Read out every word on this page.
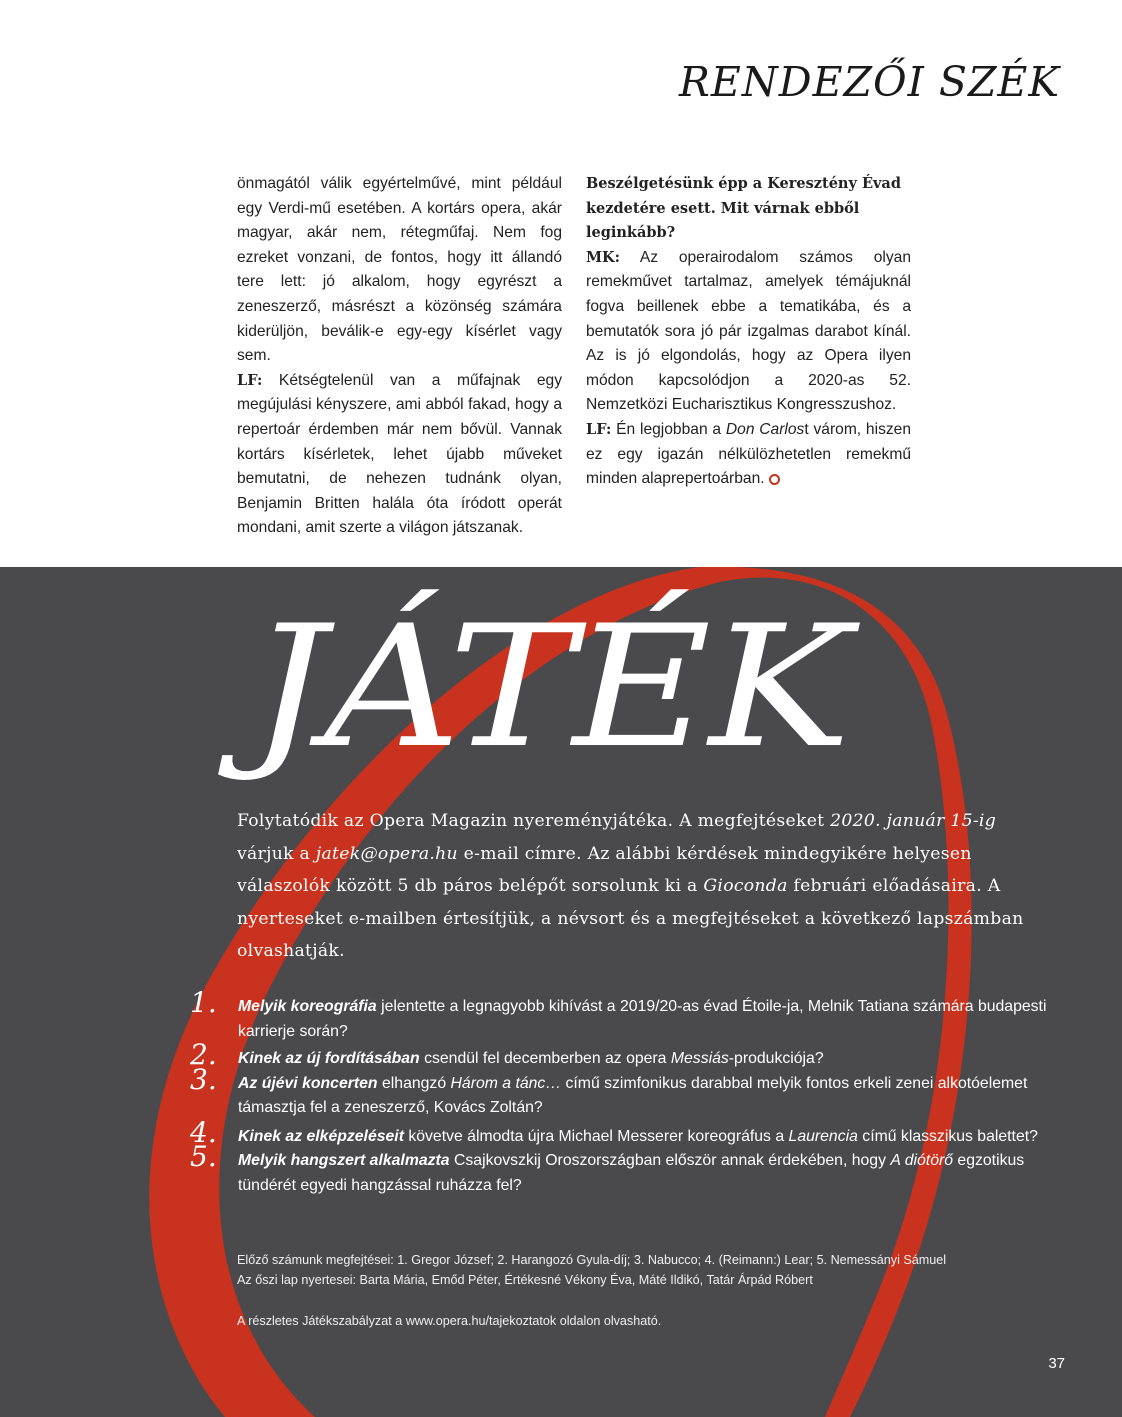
RENDEZŐI SZÉK

önmagától válik egyértelművé, mint például egy Verdi-mű esetében. A kortárs opera, akár magyar, akár nem, rétegműfaj. Nem fog ezreket vonzani, de fontos, hogy itt állandó tere lett: jó alkalom, hogy egyrészt a zeneszerző, másrészt a közönség számára kiderüljön, beválik-e egy-egy kísérlet vagy sem.

LF: Kétségtelenül van a műfajnak egy megújulási kényszere, ami abból fakad, hogy a repertoár érdemben már nem bővül. Vannak kortárs kísérletek, lehet újabb műveket bemutatni, de nehezen tudnánk olyan, Benjamin Britten halála óta íródott operát mondani, amit szerte a világon játszanak.

Beszélgetésünk épp a Keresztény Évad kezdetére esett. Mit várnak ebből leginkább?

MK: Az operairodalom számos olyan remekművet tartalmaz, amelyek témájuknál fogva beillenek ebbe a tematikába, és a bemutatók sora jó pár izgalmas darabot kínál. Az is jó elgondolás, hogy az Opera ilyen módon kapcsolódjon a 2020-as 52. Nemzetközi Eucharisztikus Kongresszushoz.

LF: Én legjobban a Don Carlost várom, hiszen ez egy igazán nélkülözhetetlen remekmű minden alaprepertoárban.

JÁTÉK
Folytatódik az Opera Magazin nyereményjátéka. A megfejtéseket 2020. január 15-ig várjuk a jatek@opera.hu e-mail címre. Az alábbi kérdések mindegyikére helyesen válaszolók között 5 db páros belépőt sorsolunk ki a Gioconda februári előadásaira. A nyerteseket e-mailben értesítjük, a névsort és a megfejtéseket a következő lapszámban olvashatják.
1.	Melyik koreográfia jelentette a legnagyobb kihívást a 2019/20-as évad Étoile-ja, Melnik Tatiana számára budapesti karrierje során?
2.	Kinek az új fordításában csendül fel decemberben az opera Messiás-produkciója?
3.	Az újévi koncerten elhangzó Három a tánc… című szimfonikus darabbal melyik fontos erkeli zenei alkotóelemet támasztja fel a zeneszerző, Kovács Zoltán?
4.	Kinek az elképzeléseit követve álmodta újra Michael Messerer koreográfus a Laurencia című klasszikus balettet?
5.	Melyik hangszert alkalmazta Csajkovszkij Oroszországban először annak érdekében, hogy A diótörő egzotikus tündérét egyedi hangzással ruházza fel?
Előző számunk megfejtései: 1. Gregor József; 2. Harangozó Gyula-díj; 3. Nabucco; 4. (Reimann:) Lear; 5. Nemessányi Sámuel
Az őszi lap nyertesei: Barta Mária, Emőd Péter, Értékesné Vékony Éva, Máté Ildikó, Tatár Árpád Róbert
A részletes Játékszabályzat a www.opera.hu/tajekoztatok oldalon olvasható.
37
